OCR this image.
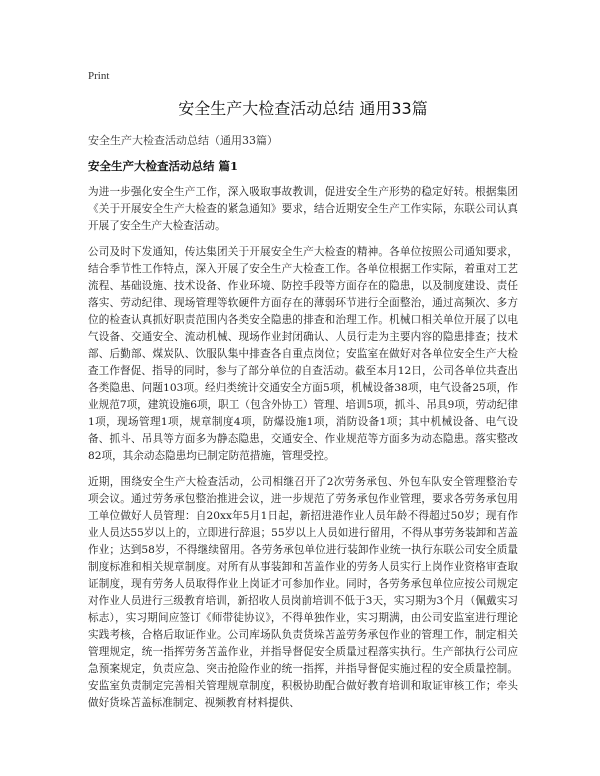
Print
安全生产大检查活动总结 通用33篇
安全生产大检查活动总结（通用33篇）
安全生产大检查活动总结 篇1

为进一步强化安全生产工作，深入吸取事故教训，促进安全生产形势的稳定好转。根据集团《关于开展安全生产大检查的紧急通知》要求，结合近期安全生产工作实际，东联公司认真开展了安全生产大检查活动。

公司及时下发通知，传达集团关于开展安全生产大检查的精神。各单位按照公司通知要求，结合季节性工作特点，深入开展了安全生产大检查工作。各单位根据工作实际，着重对工艺流程、基础设施、技术设备、作业环境、防控手段等方面存在的隐患，以及制度建设、责任落实、劳动纪律、现场管理等软硬件方面存在的薄弱环节进行全面整治，通过高频次、多方位的检查认真抓好职责范围内各类安全隐患的排查和治理工作。机械口相关单位开展了以电气设备、交通安全、流动机械、现场作业封闭确认、人员行走为主要内容的隐患排查；技术部、后勤部、煤炭队、饮服队集中排查各自重点岗位；安监室在做好对各单位安全生产大检查工作督促、指导的同时，参与了部分单位的自查活动。截至本月12日，公司各单位共查出各类隐患、问题103项。经归类统计交通安全方面5项，机械设备38项，电气设备25项，作业规范7项，建筑设施6项，职工（包含外协工）管理、培训5项，抓斗、吊具9项，劳动纪律1项，现场管理1项，规章制度4项，防爆设施1项，消防设备1项；其中机械设备、电气设备、抓斗、吊具等方面多为静态隐患，交通安全、作业规范等方面多为动态隐患。落实整改82项，其余动态隐患均已制定防范措施，管理受控。

近期，围绕安全生产大检查活动，公司相继召开了2次劳务承包、外包车队安全管理整治专项会议。通过劳务承包整治推进会议，进一步规范了劳务承包作业管理，要求各劳务承包用工单位做好人员管理：自20xx年5月1日起，新招进港作业人员年龄不得超过50岁；现有作业人员达55岁以上的，立即进行辞退；55岁以上人员如进行留用，不得从事劳务装卸和苫盖作业；达到58岁，不得继续留用。各劳务承包单位进行装卸作业统一执行东联公司安全质量制度标准和相关规章制度。对所有从事装卸和苫盖作业的劳务人员实行上岗作业资格审查取证制度，现有劳务人员取得作业上岗证才可参加作业。同时，各劳务承包单位应按公司规定对作业人员进行三级教育培训，新招收人员岗前培训不低于3天，实习期为3个月（佩戴实习标志），实习期间应签订《师带徒协议》，不得单独作业，实习期满，由公司安监室进行理论实践考核，合格后取证作业。公司库场队负责货垛苫盖劳务承包作业的管理工作，制定相关管理规定，统一指挥劳务苫盖作业，并指导督促安全质量过程落实执行。生产部执行公司应急预案规定，负责应急、突击抢险作业的统一指挥，并指导督促实施过程的安全质量控制。安监室负责制定完善相关管理规章制度，积极协助配合做好教育培训和取证审核工作；牵头做好货垛苫盖标准制定、视频教育材料提供、
